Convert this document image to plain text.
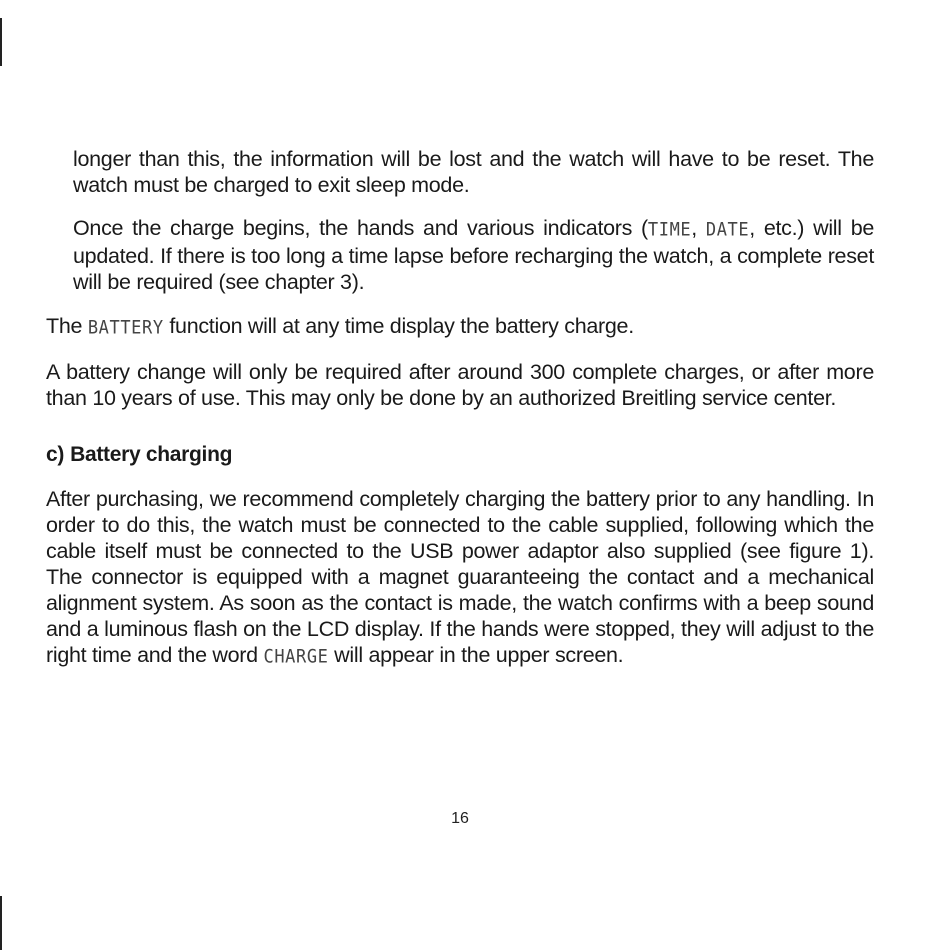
longer than this, the information will be lost and the watch will have to be reset. The watch must be charged to exit sleep mode.

Once the charge begins, the hands and various indicators (TIME, DATE, etc.) will be updated. If there is too long a time lapse before recharging the watch, a complete reset will be required (see chapter 3).

The BATTERY function will at any time display the battery charge.

A battery change will only be required after around 300 complete charges, or after more than 10 years of use. This may only be done by an authorized Breitling service center.

c) Battery charging

After purchasing, we recommend completely charging the battery prior to any handling. In order to do this, the watch must be connected to the cable supplied, following which the cable itself must be connected to the USB power adaptor also supplied (see figure 1). The connector is equipped with a magnet guaranteeing the contact and a mechanical alignment system. As soon as the contact is made, the watch confirms with a beep sound and a luminous flash on the LCD display. If the hands were stopped, they will adjust to the right time and the word CHARGE will appear in the upper screen.

16
